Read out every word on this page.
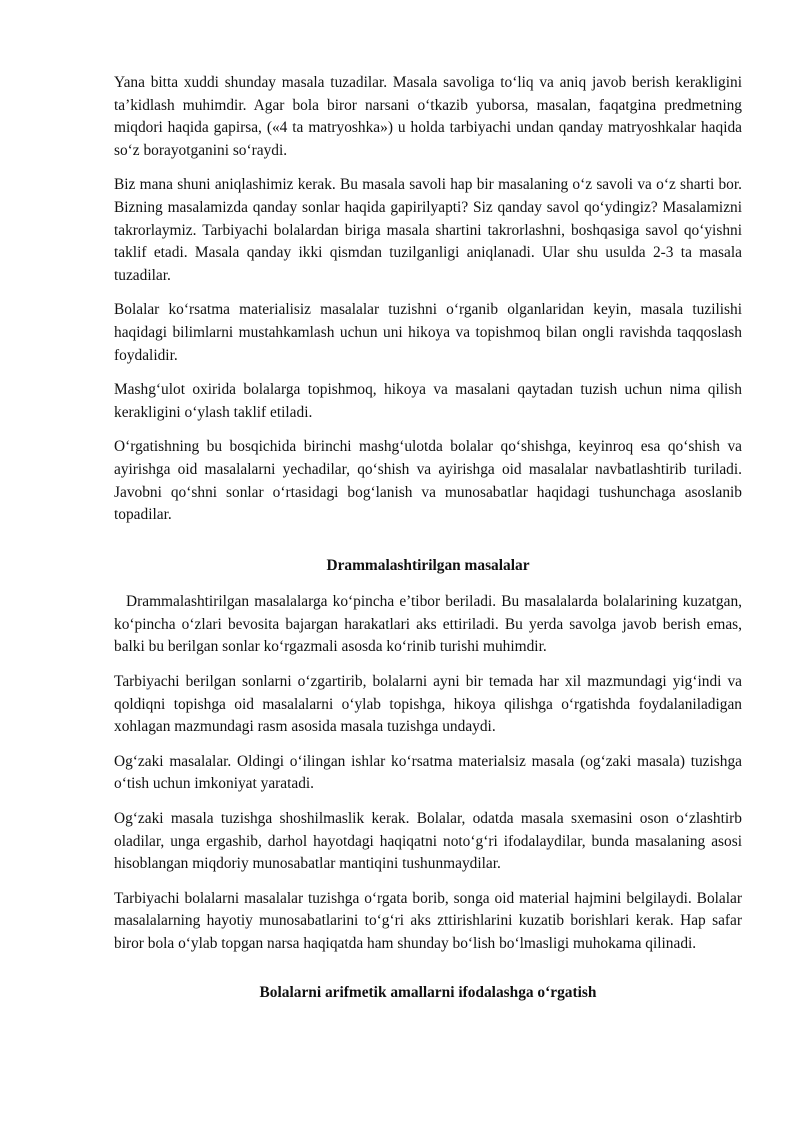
Yana bitta xuddi shunday masala tuzadilar. Masala savoliga to‘liq va aniq javob berish kerakligini ta’kidlash muhimdir. Agar bola biror narsani o‘tkazib yuborsa, masalan, faqatgina predmetning miqdori haqida gapirsa, («4 ta matryoshka») u holda tarbiyachi undan qanday matryoshkalar haqida so‘z borayotganini so‘raydi.

Biz mana shuni aniqlashimiz kerak. Bu masala savoli hap bir masalaning o‘z savoli va o‘z sharti bor. Bizning masalamizda qanday sonlar haqida gapirilyapti? Siz qanday savol qo‘ydingiz? Masalamizni takrorlaymiz. Tarbiyachi bolalardan biriga masala shartini takrorlashni, boshqasiga savol qo‘yishni taklif etadi. Masala qanday ikki qismdan tuzilganligi aniqlanadi. Ular shu usulda 2-3 ta masala tuzadilar.

Bolalar ko‘rsatma materialisiz masalalar tuzishni o‘rganib olganlaridan keyin, masala tuzilishi haqidagi bilimlarni mustahkamlash uchun uni hikoya va topishmoq bilan ongli ravishda taqqoslash foydalidir.

Mashg‘ulot oxirida bolalarga topishmoq, hikoya va masalani qaytadan tuzish uchun nima qilish kerakligini o‘ylash taklif etiladi.

O‘rgatishning bu bosqichida birinchi mashg‘ulotda bolalar qo‘shishga, keyinroq esa qo‘shish va ayirishga oid masalalarni yechadilar, qo‘shish va ayirishga oid masalalar navbatlashtirib turiladi. Javobni qo‘shni sonlar o‘rtasidagi bog‘lanish va munosabatlar haqidagi tushunchaga asoslanib topadilar.

Drammalashtirilgan masalalar

Drammalashtirilgan masalalarga ko‘pincha e’tibor beriladi. Bu masalalarda bolalarining kuzatgan, ko‘pincha o‘zlari bevosita bajargan harakatlari aks ettiriladi. Bu yerda savolga javob berish emas, balki bu berilgan sonlar ko‘rgazmali asosda ko‘rinib turishi muhimdir.

Tarbiyachi berilgan sonlarni o‘zgartirib, bolalarni ayni bir temada har xil mazmundagi yig‘indi va qoldiqni topishga oid masalalarni o‘ylab topishga, hikoya qilishga o‘rgatishda foydalaniladigan xohlagan mazmundagi rasm asosida masala tuzishga undaydi.

Og‘zaki masalalar. Oldingi o‘ilingan ishlar ko‘rsatma materialsiz masala (og‘zaki masala) tuzishga o‘tish uchun imkoniyat yaratadi.

Og‘zaki masala tuzishga shoshilmaslik kerak. Bolalar, odatda masala sxemasini oson o‘zlashtirb oladilar, unga ergashib, darhol hayotdagi haqiqatni noto‘g‘ri ifodalaydilar, bunda masalaning asosi hisoblangan miqdoriy munosabatlar mantiqini tushunmaydilar.

Tarbiyachi bolalarni masalalar tuzishga o‘rgata borib, songa oid material hajmini belgilaydi. Bolalar masalalarning hayotiy munosabatlarini to‘g‘ri aks zttirishlarini kuzatib borishlari kerak. Hap safar biror bola o‘ylab topgan narsa haqiqatda ham shunday bo‘lish bo‘lmasligi muhokama qilinadi.

Bolalarni arifmetik amallarni ifodalashga o‘rgatish
